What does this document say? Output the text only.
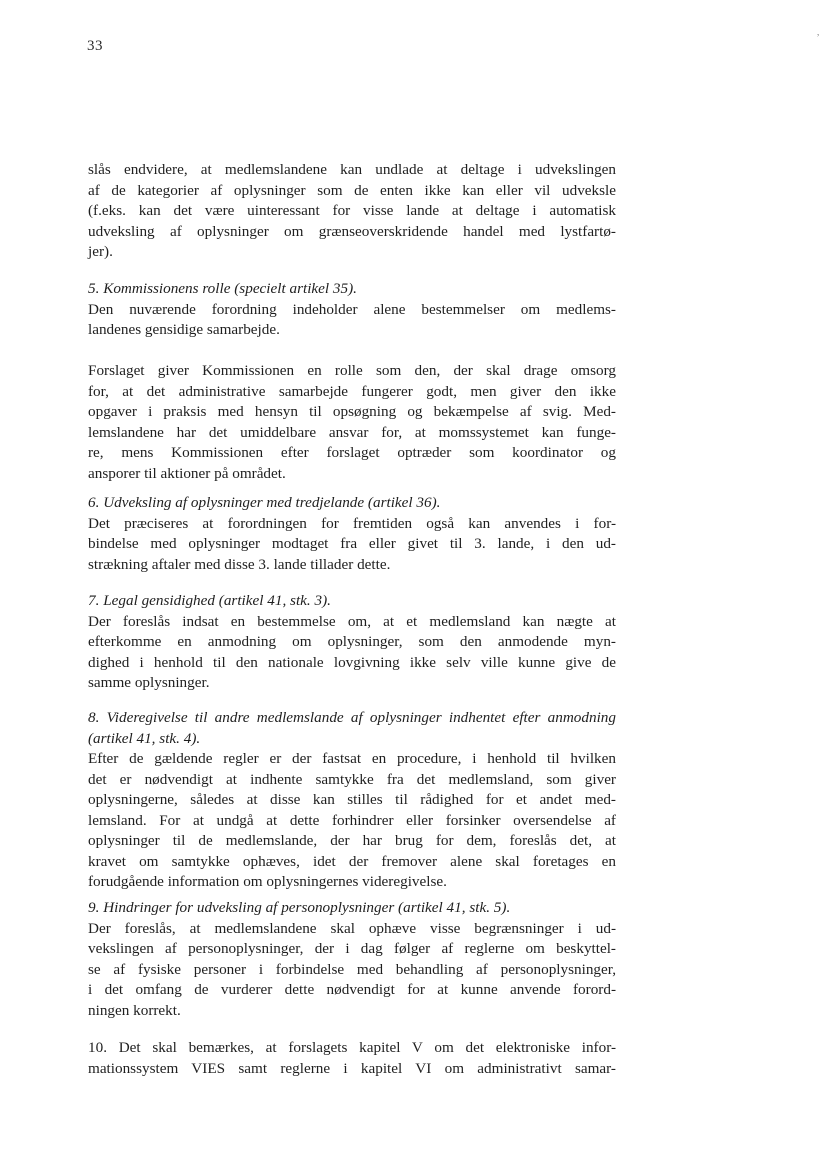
33
,
slås endvidere, at medlemslandene kan undlade at deltage i udvekslingen
af de kategorier af oplysninger som de enten ikke kan eller vil udveksle
(f.eks. kan det være uinteressant for visse lande at deltage i automatisk
udveksling af oplysninger om grænseoverskridende handel med lystfartø-
jer).
5. Kommissionens rolle (specielt artikel 35).
Den nuværende forordning indeholder alene bestemmelser om medlems-
landenes gensidige samarbejde.
Forslaget giver Kommissionen en rolle som den, der skal drage omsorg
for, at det administrative samarbejde fungerer godt, men giver den ikke
opgaver i praksis med hensyn til opsøgning og bekæmpelse af svig. Med-
lemslandene har det umiddelbare ansvar for, at momssystemet kan funge-
re, mens Kommissionen efter forslaget optræder som koordinator og
ansporer til aktioner på området.
6. Udveksling af oplysninger med tredjelande (artikel 36).
Det præciseres at forordningen for fremtiden også kan anvendes i for-
bindelse med oplysninger modtaget fra eller givet til 3. lande, i den ud-
strækning aftaler med disse 3. lande tillader dette.
7. Legal gensidighed (artikel 41, stk. 3).
Der foreslås indsat en bestemmelse om, at et medlemsland kan nægte at
efterkomme en anmodning om oplysninger, som den anmodende myn-
dighed i henhold til den nationale lovgivning ikke selv ville kunne give de
samme oplysninger.
8. Videregivelse til andre medlemslande af oplysninger indhentet efter anmodning
(artikel 41, stk. 4).
Efter de gældende regler er der fastsat en procedure, i henhold til hvilken
det er nødvendigt at indhente samtykke fra det medlemsland, som giver
oplysningerne, således at disse kan stilles til rådighed for et andet med-
lemsland. For at undgå at dette forhindrer eller forsinker oversendelse af
oplysninger til de medlemslande, der har brug for dem, foreslås det, at
kravet om samtykke ophæves, idet der fremover alene skal foretages en
forudgående information om oplysningernes videregivelse.
9. Hindringer for udveksling af personoplysninger (artikel 41, stk. 5).
Der foreslås, at medlemslandene skal ophæve visse begrænsninger i ud-
vekslingen af personoplysninger, der i dag følger af reglerne om beskyttel-
se af fysiske personer i forbindelse med behandling af personoplysninger,
i det omfang de vurderer dette nødvendigt for at kunne anvende forord-
ningen korrekt.
10. Det skal bemærkes, at forslagets kapitel V om det elektroniske infor-
mationssystem VIES samt reglerne i kapitel VI om administrativt samar-
